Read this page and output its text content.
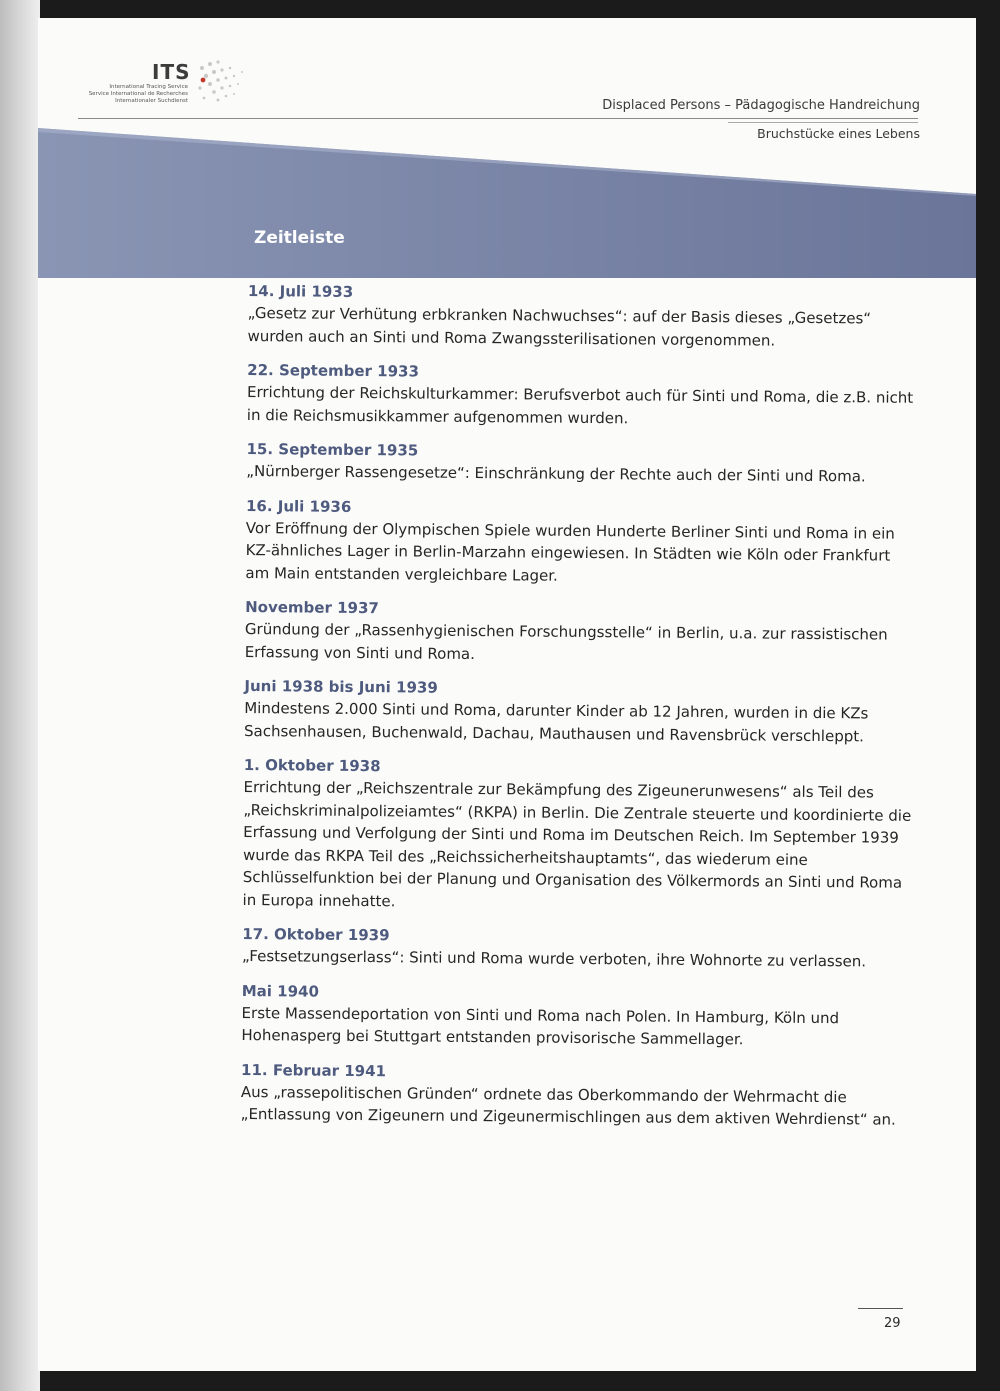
ITS
International Tracing Service
Service International de Recherches
Internationaler Suchdienst	Displaced Persons – Pädagogische Handreichung
Bruchstücke eines Lebens
Zeitleiste
14. Juli 1933
„Gesetz zur Verhütung erbkranken Nachwuchses“: auf der Basis dieses „Gesetzes“ wurden auch an Sinti und Roma Zwangssterilisationen vorgenommen.
22. September 1933
Errichtung der Reichskulturkammer: Berufsverbot auch für Sinti und Roma, die z.B. nicht in die Reichsmusikkammer aufgenommen wurden.
15. September 1935
„Nürnberger Rassengesetze“: Einschränkung der Rechte auch der Sinti und Roma.
16. Juli 1936
Vor Eröffnung der Olympischen Spiele wurden Hunderte Berliner Sinti und Roma in ein KZ-ähnliches Lager in Berlin-Marzahn eingewiesen. In Städten wie Köln oder Frankfurt am Main entstanden vergleichbare Lager.
November 1937
Gründung der „Rassenhygienischen Forschungsstelle“ in Berlin, u.a. zur rassistischen Erfassung von Sinti und Roma.
Juni 1938 bis Juni 1939
Mindestens 2.000 Sinti und Roma, darunter Kinder ab 12 Jahren, wurden in die KZs Sachsenhausen, Buchenwald, Dachau, Mauthausen und Ravensbrück verschleppt.
1. Oktober 1938
Errichtung der „Reichszentrale zur Bekämpfung des Zigeunerunwesens“ als Teil des „Reichskriminalpolizeiamtes“ (RKPA) in Berlin. Die Zentrale steuerte und koordinierte die Erfassung und Verfolgung der Sinti und Roma im Deutschen Reich. Im September 1939 wurde das RKPA Teil des „Reichssicherheitshauptamts“, das wiederum eine Schlüsselfunktion bei der Planung und Organisation des Völkermords an Sinti und Roma in Europa innehatte.
17. Oktober 1939
„Festsetzungserlass“: Sinti und Roma wurde verboten, ihre Wohnorte zu verlassen.
Mai 1940
Erste Massendeportation von Sinti und Roma nach Polen. In Hamburg, Köln und Hohenasperg bei Stuttgart entstanden provisorische Sammellager.
11. Februar 1941
Aus „rassepolitischen Gründen“ ordnete das Oberkommando der Wehrmacht die „Entlassung von Zigeunern und Zigeunermischlingen aus dem aktiven Wehrdienst“ an.
29
